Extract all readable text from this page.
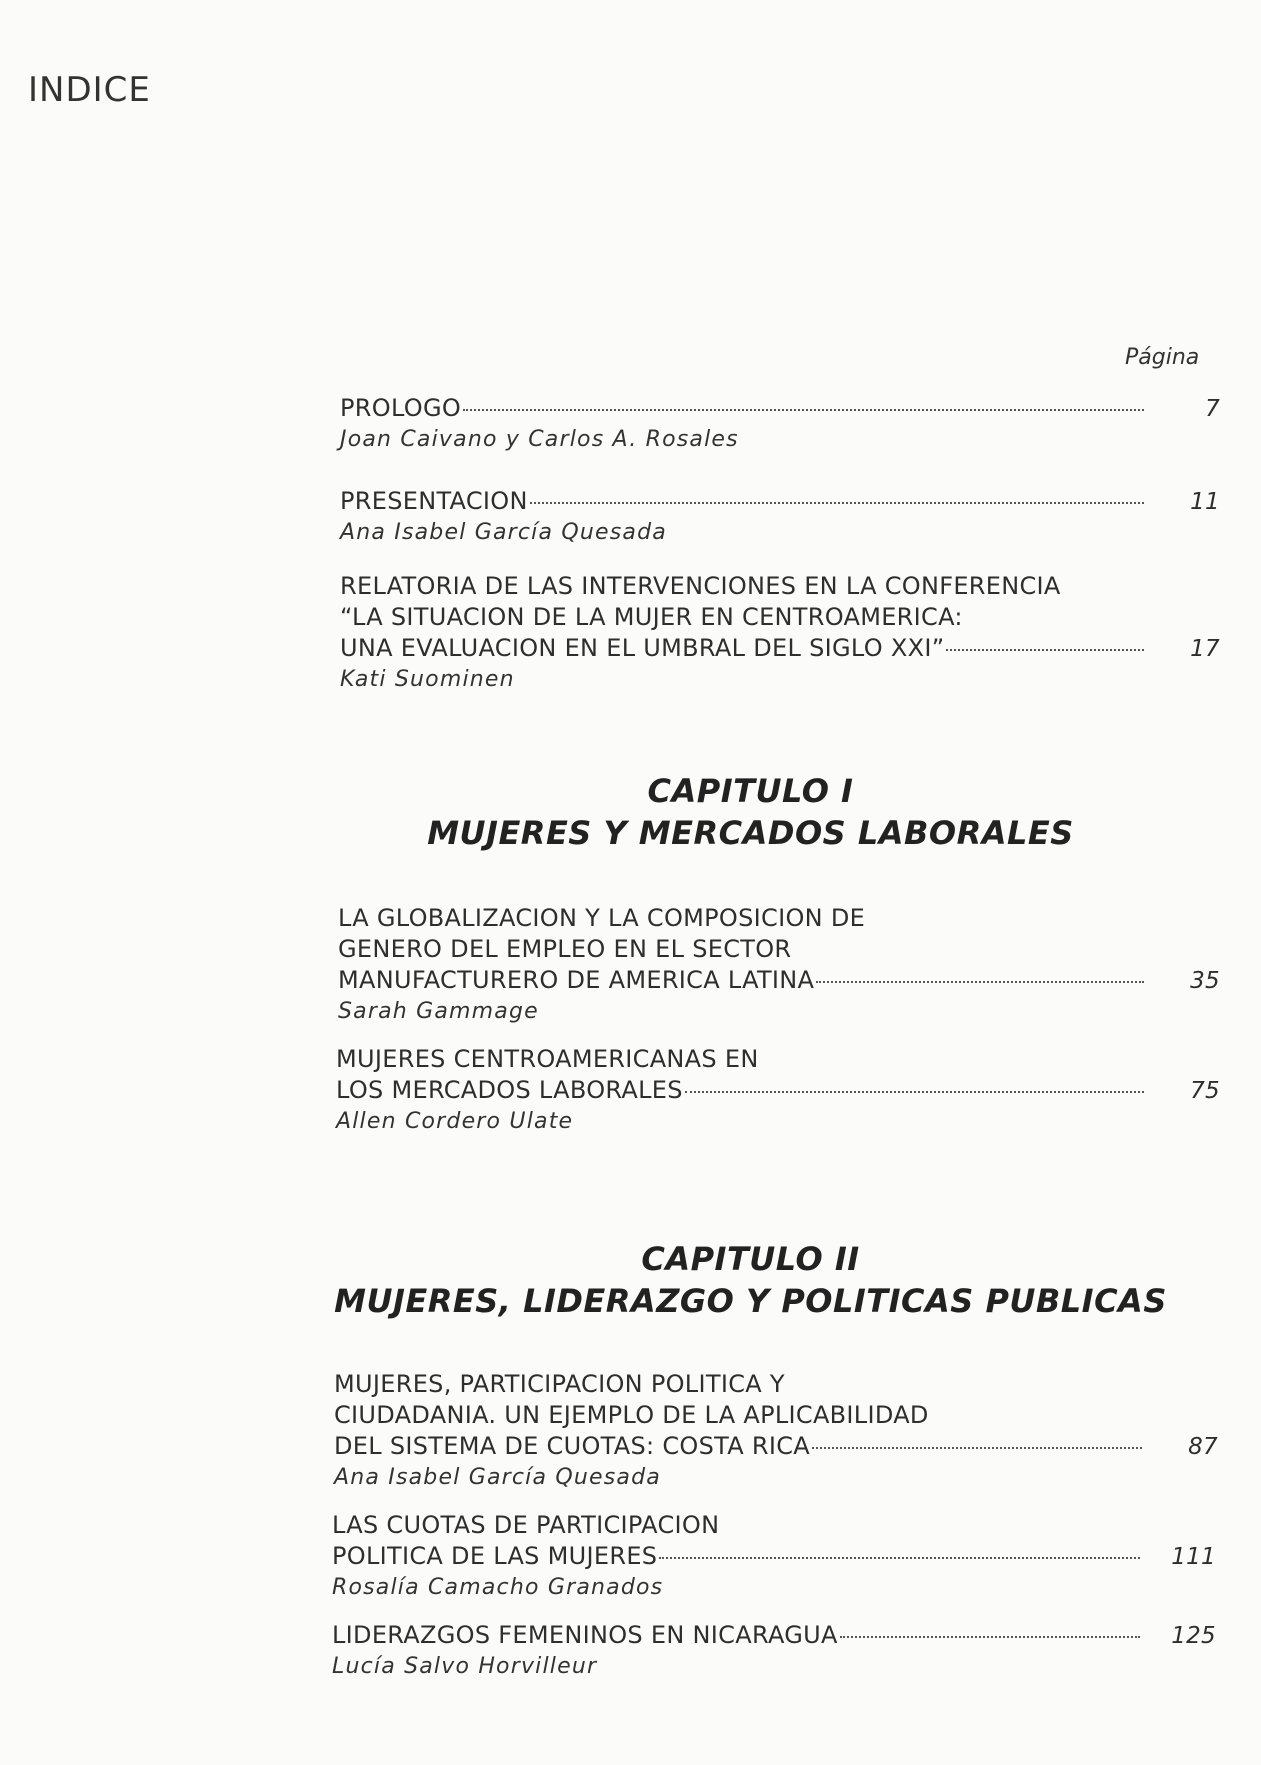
INDICE
Página
PROLOGO	7
Joan Caivano y Carlos A. Rosales
PRESENTACION	11
Ana Isabel García Quesada
RELATORIA DE LAS INTERVENCIONES EN LA CONFERENCIA
“LA SITUACION DE LA MUJER EN CENTROAMERICA:
UNA EVALUACION EN EL UMBRAL DEL SIGLO XXI”	17
Kati Suominen
CAPITULO I
MUJERES Y MERCADOS LABORALES
LA GLOBALIZACION Y LA COMPOSICION DE
GENERO DEL EMPLEO EN EL SECTOR
MANUFACTURERO DE AMERICA LATINA	35
Sarah Gammage
MUJERES CENTROAMERICANAS EN
LOS MERCADOS LABORALES	75
Allen Cordero Ulate
CAPITULO II
MUJERES, LIDERAZGO Y POLITICAS PUBLICAS
MUJERES, PARTICIPACION POLITICA Y
CIUDADANIA. UN EJEMPLO DE LA APLICABILIDAD
DEL SISTEMA DE CUOTAS: COSTA RICA	87
Ana Isabel García Quesada
LAS CUOTAS DE PARTICIPACION
POLITICA DE LAS MUJERES	111
Rosalía Camacho Granados
LIDERAZGOS FEMENINOS EN NICARAGUA	125
Lucía Salvo Horvilleur
